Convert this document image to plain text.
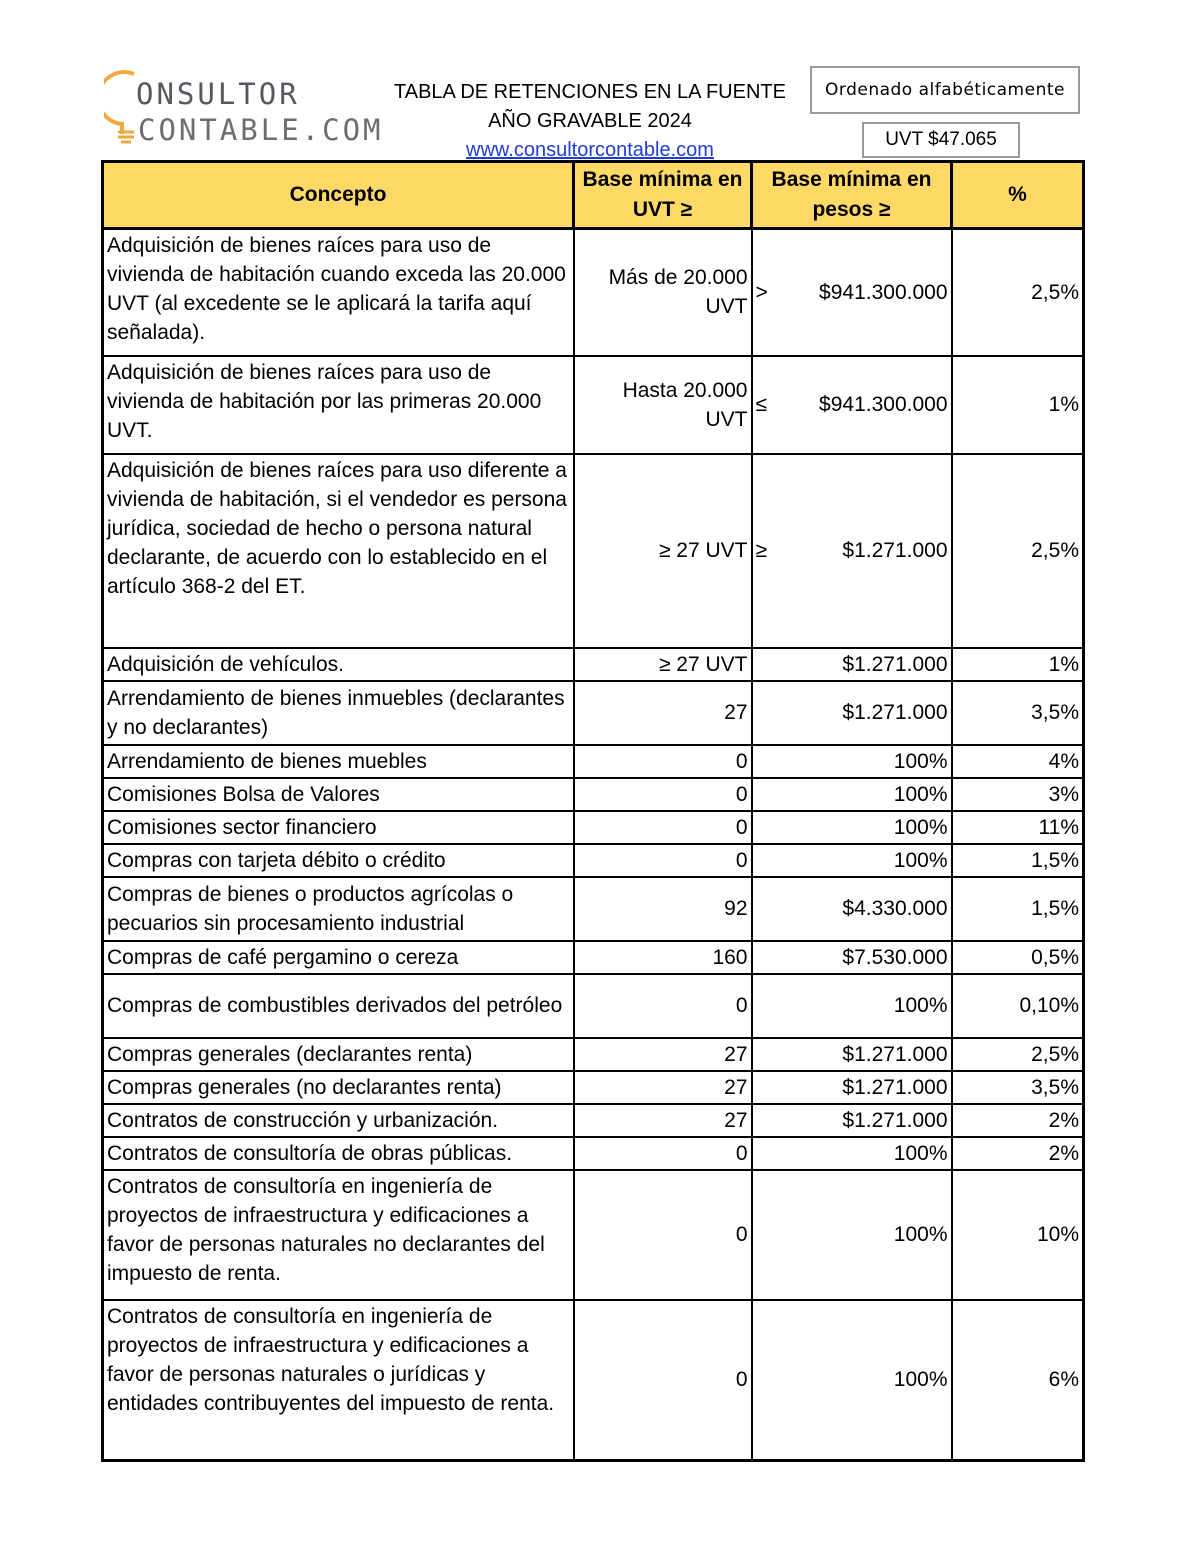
ONSULTOR
CONTABLE.COM
TABLA DE RETENCIONES EN LA FUENTE
AÑO GRAVABLE 2024
www.consultorcontable.com
Ordenado alfabéticamente
UVT $47.065
Concepto	Base mínima en UVT ≥	Base mínima en pesos ≥	%
Adquisición de bienes raíces para uso de vivienda de habitación cuando exceda las 20.000 UVT (al excedente se le aplicará la tarifa aquí señalada).	Más de 20.000 UVT	> $941.300.000	2,5%
Adquisición de bienes raíces para uso de vivienda de habitación por las primeras 20.000 UVT.	Hasta 20.000 UVT	≤ $941.300.000	1%
Adquisición de bienes raíces para uso diferente a vivienda de habitación, si el vendedor es persona jurídica, sociedad de hecho o persona natural declarante, de acuerdo con lo establecido en el artículo 368-2 del ET.	≥ 27 UVT	≥ $1.271.000	2,5%
Adquisición de vehículos.	≥ 27 UVT	$1.271.000	1%
Arrendamiento de bienes inmuebles (declarantes y no declarantes)	27	$1.271.000	3,5%
Arrendamiento de bienes muebles	0	100%	4%
Comisiones Bolsa de Valores	0	100%	3%
Comisiones sector financiero	0	100%	11%
Compras con tarjeta débito o crédito	0	100%	1,5%
Compras de bienes o productos agrícolas o pecuarios sin procesamiento industrial	92	$4.330.000	1,5%
Compras de café pergamino o cereza	160	$7.530.000	0,5%
Compras de combustibles derivados del petróleo	0	100%	0,10%
Compras generales (declarantes renta)	27	$1.271.000	2,5%
Compras generales (no declarantes renta)	27	$1.271.000	3,5%
Contratos de construcción y urbanización.	27	$1.271.000	2%
Contratos de consultoría de obras públicas.	0	100%	2%
Contratos de consultoría en ingeniería de proyectos de infraestructura y edificaciones a favor de personas naturales no declarantes del impuesto de renta.	0	100%	10%
Contratos de consultoría en ingeniería de proyectos de infraestructura y edificaciones a favor de personas naturales o jurídicas y entidades contribuyentes del impuesto de renta.	0	100%	6%
